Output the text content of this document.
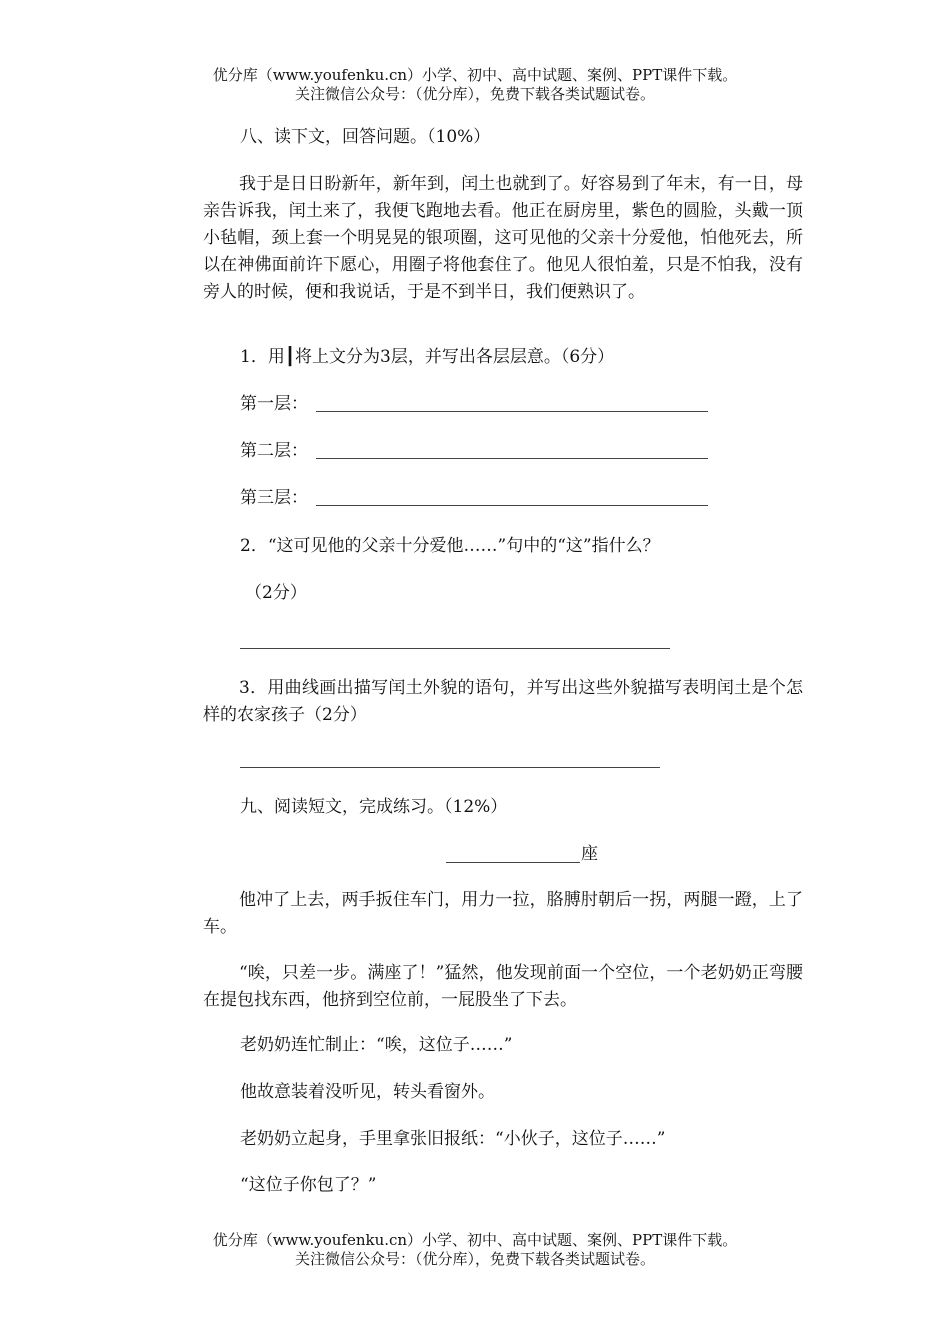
优分库（www.youfenku.cn）小学、初中、高中试题、案例、PPT课件下载。
关注微信公众号：（优分库），免费下载各类试题试卷。
八、读下文，回答问题。（10%）
我于是日日盼新年，新年到，闰土也就到了。好容易到了年末，有一日，母亲告诉我，闰土来了，我便飞跑地去看。他正在厨房里，紫色的圆脸，头戴一顶小毡帽，颈上套一个明晃晃的银项圈，这可见他的父亲十分爱他，怕他死去，所以在神佛面前许下愿心，用圈子将他套住了。他见人很怕羞，只是不怕我，没有旁人的时候，便和我说话，于是不到半日，我们便熟识了。
1．用┃将上文分为3层，并写出各层层意。（6分）
第一层：
第二层：
第三层：
2．“这可见他的父亲十分爱他……”句中的“这”指什么？
（2分）
3．用曲线画出描写闰土外貌的语句，并写出这些外貌描写表明闰土是个怎样的农家孩子（2分）
九、阅读短文，完成练习。（12%）
座
他冲了上去，两手扳住车门，用力一拉，胳膊肘朝后一拐，两腿一蹬，上了车。
“唉，只差一步。满座了！”猛然，他发现前面一个空位，一个老奶奶正弯腰在提包找东西，他挤到空位前，一屁股坐了下去。
老奶奶连忙制止：“唉，这位子……”
他故意装着没听见，转头看窗外。
老奶奶立起身，手里拿张旧报纸：“小伙子，这位子……”
“这位子你包了？”
优分库（www.youfenku.cn）小学、初中、高中试题、案例、PPT课件下载。
关注微信公众号：（优分库），免费下载各类试题试卷。
